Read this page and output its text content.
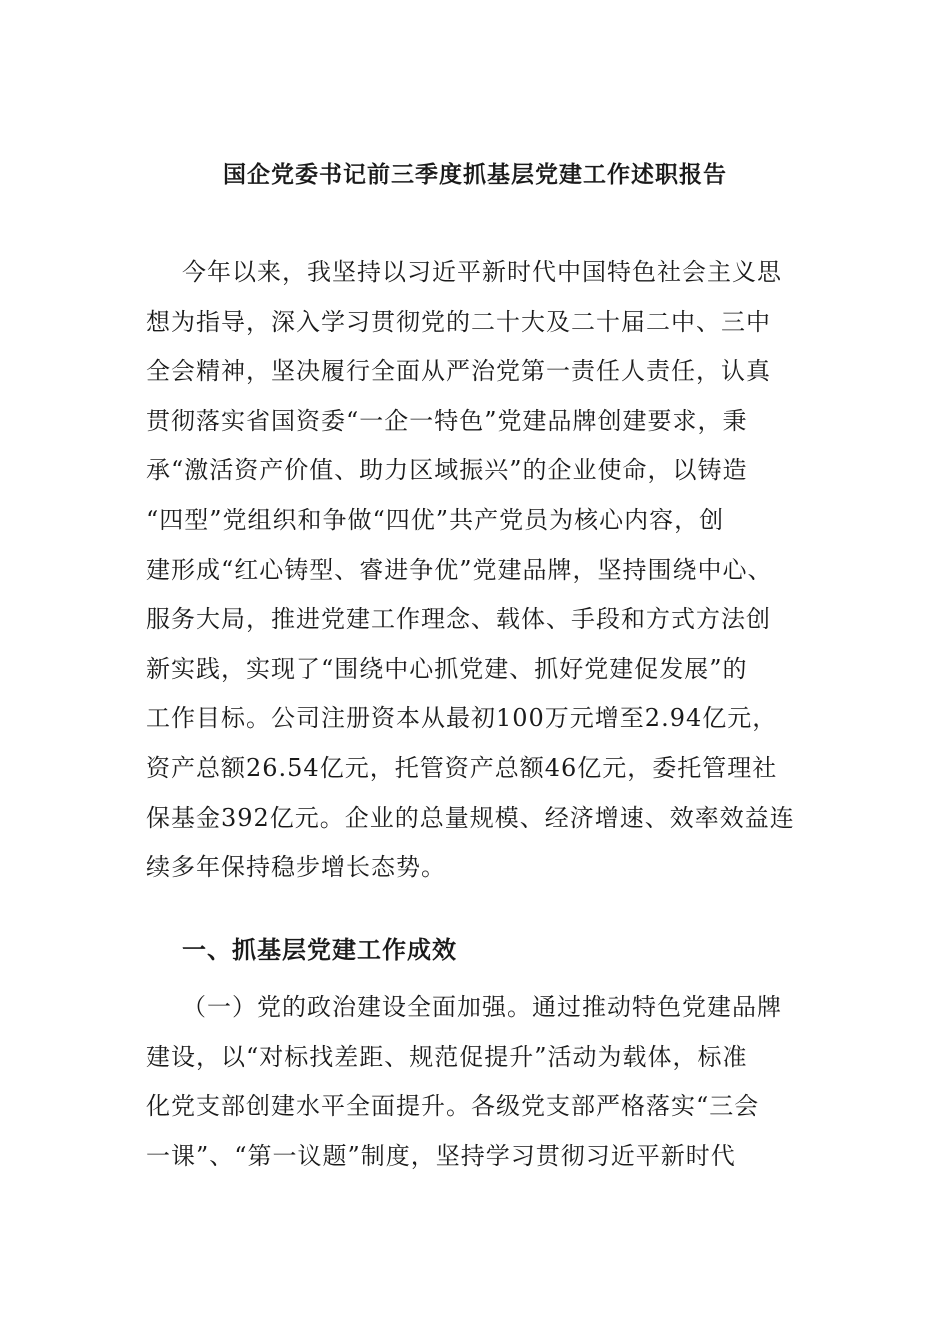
国企党委书记前三季度抓基层党建工作述职报告
今年以来，我坚持以习近平新时代中国特色社会主义思
想为指导，深入学习贯彻党的二十大及二十届二中、三中
全会精神，坚决履行全面从严治党第一责任人责任，认真
贯彻落实省国资委“一企一特色”党建品牌创建要求，秉
承“激活资产价值、助力区域振兴”的企业使命，以铸造
“四型”党组织和争做“四优”共产党员为核心内容，创
建形成“红心铸型、睿进争优”党建品牌，坚持围绕中心、
服务大局，推进党建工作理念、载体、手段和方式方法创
新实践，实现了“围绕中心抓党建、抓好党建促发展”的
工作目标。公司注册资本从最初100万元增至2.94亿元，
资产总额26.54亿元，托管资产总额46亿元，委托管理社
保基金392亿元。企业的总量规模、经济增速、效率效益连
续多年保持稳步增长态势。
一、抓基层党建工作成效
（一）党的政治建设全面加强。通过推动特色党建品牌
建设，以“对标找差距、规范促提升”活动为载体，标准
化党支部创建水平全面提升。各级党支部严格落实“三会
一课”、“第一议题”制度，坚持学习贯彻习近平新时代
